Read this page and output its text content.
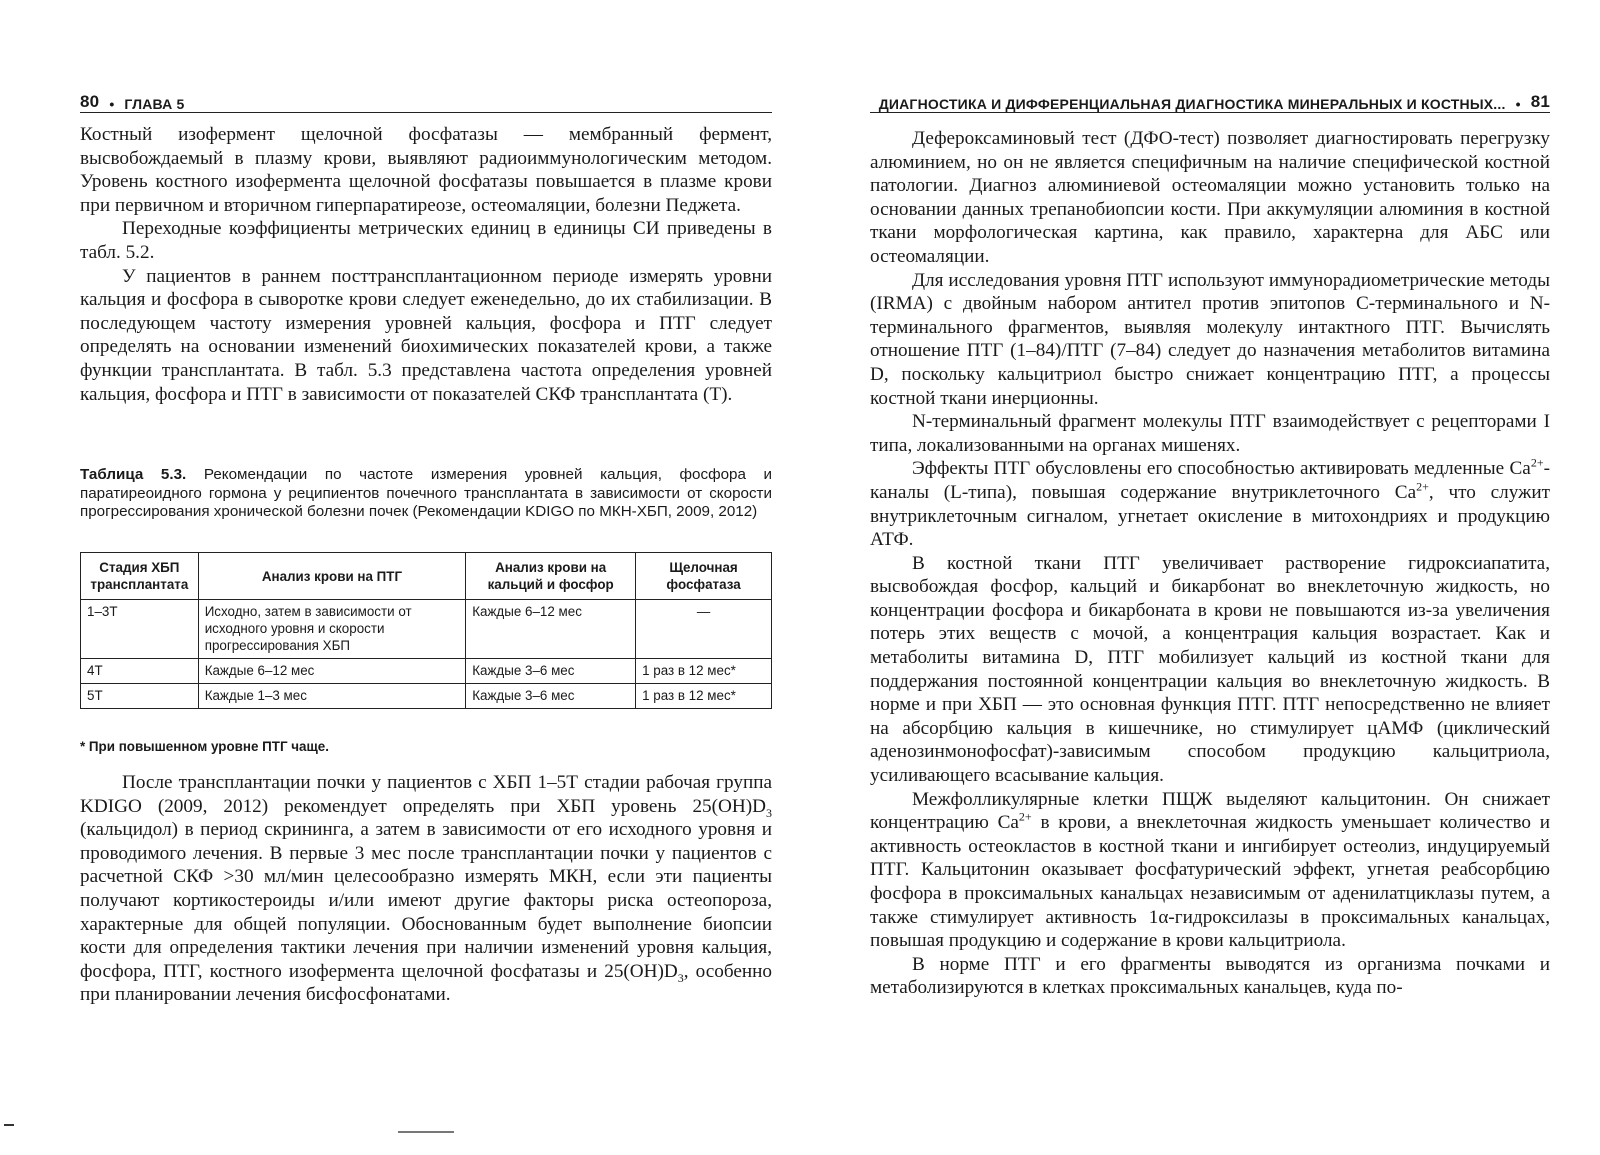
80 • ГЛАВА 5

Костный изофермент щелочной фосфатазы — мембранный фермент, высвобождаемый в плазму крови, выявляют радиоиммунологическим методом. Уровень костного изофермента щелочной фосфатазы повышается в плазме крови при первичном и вторичном гиперпаратиреозе, остеомаляции, болезни Педжета.

Переходные коэффициенты метрических единиц в единицы СИ приведены в табл. 5.2.

У пациентов в раннем посттрансплантационном периоде измерять уровни кальция и фосфора в сыворотке крови следует еженедельно, до их стабилизации. В последующем частоту измерения уровней кальция, фосфора и ПТГ следует определять на основании изменений биохимических показателей крови, а также функции трансплантата. В табл. 5.3 представлена частота определения уровней кальция, фосфора и ПТГ в зависимости от показателей СКФ трансплантата (Т).

Таблица 5.3. Рекомендации по частоте измерения уровней кальция, фосфора и паратиреоидного гормона у реципиентов почечного трансплантата в зависимости от скорости прогрессирования хронической болезни почек (Рекомендации KDIGO по МКН-ХБП, 2009, 2012)
Стадия ХБП трансплантата	Анализ крови на ПТГ	Анализ крови на кальций и фосфор	Щелочная фосфатаза
1–3Т	Исходно, затем в зависимости от исходного уровня и скорости прогрессирования ХБП	Каждые 6–12 мес	—
4Т	Каждые 6–12 мес	Каждые 3–6 мес	1 раз в 12 мес*
5Т	Каждые 1–3 мес	Каждые 3–6 мес	1 раз в 12 мес*
* При повышенном уровне ПТГ чаще.

После трансплантации почки у пациентов с ХБП 1–5Т стадии рабочая группа KDIGO (2009, 2012) рекомендует определять при ХБП уровень $25(OH)D_3$ (кальцидол) в период скрининга, а затем в зависимости от его исходного уровня и проводимого лечения. В первые 3 мес после трансплантации почки у пациентов с расчетной СКФ >30 мл/мин целесообразно измерять МКН, если эти пациенты получают кортикостероиды и/или имеют другие факторы риска остеопороза, характерные для общей популяции. Обоснованным будет выполнение биопсии кости для определения тактики лечения при наличии изменений уровня кальция, фосфора, ПТГ, костного изофермента щелочной фосфатазы и $25(OH)D_3$, особенно при планировании лечения бисфосфонатами.

ДИАГНОСТИКА И ДИФФЕРЕНЦИАЛЬНАЯ ДИАГНОСТИКА МИНЕРАЛЬНЫХ И КОСТНЫХ... • 81

Дефероксаминовый тест (ДФО-тест) позволяет диагностировать перегрузку алюминием, но он не является специфичным на наличие специфической костной патологии. Диагноз алюминиевой остеомаляции можно установить только на основании данных трепанобиопсии кости. При аккумуляции алюминия в костной ткани морфологическая картина, как правило, характерна для АБС или остеомаляции.

Для исследования уровня ПТГ используют иммунорадиометрические методы (IRMA) с двойным набором антител против эпитопов С-терминального и N-терминального фрагментов, выявляя молекулу интактного ПТГ. Вычислять отношение ПТГ (1–84)/ПТГ (7–84) следует до назначения метаболитов витамина D, поскольку кальцитриол быстро снижает концентрацию ПТГ, а процессы костной ткани инерционны.

N-терминальный фрагмент молекулы ПТГ взаимодействует с рецепторами I типа, локализованными на органах мишенях.

Эффекты ПТГ обусловлены его способностью активировать медленные $Ca^{2+}$-каналы (L-типа), повышая содержание внутриклеточного $Ca^{2+}$, что служит внутриклеточным сигналом, угнетает окисление в митохондриях и продукцию АТФ.

В костной ткани ПТГ увеличивает растворение гидроксиапатита, высвобождая фосфор, кальций и бикарбонат во внеклеточную жидкость, но концентрации фосфора и бикарбоната в крови не повышаются из-за увеличения потерь этих веществ с мочой, а концентрация кальция возрастает. Как и метаболиты витамина D, ПТГ мобилизует кальций из костной ткани для поддержания постоянной концентрации кальция во внеклеточную жидкость. В норме и при ХБП — это основная функция ПТГ. ПТГ непосредственно не влияет на абсорбцию кальция в кишечнике, но стимулирует цАМФ (циклический аденозинмонофосфат)-зависимым способом продукцию кальцитриола, усиливающего всасывание кальция.

Межфолликулярные клетки ПЩЖ выделяют кальцитонин. Он снижает концентрацию $Ca^{2+}$ в крови, а внеклеточная жидкость уменьшает количество и активность остеокластов в костной ткани и ингибирует остеолиз, индуцируемый ПТГ. Кальцитонин оказывает фосфатурический эффект, угнетая реабсорбцию фосфора в проксимальных канальцах независимым от аденилатциклазы путем, а также стимулирует активность 1α-гидроксилазы в проксимальных канальцах, повышая продукцию и содержание в крови кальцитриола.

В норме ПТГ и его фрагменты выводятся из организма почками и метаболизируются в клетках проксимальных канальцев, куда по-
